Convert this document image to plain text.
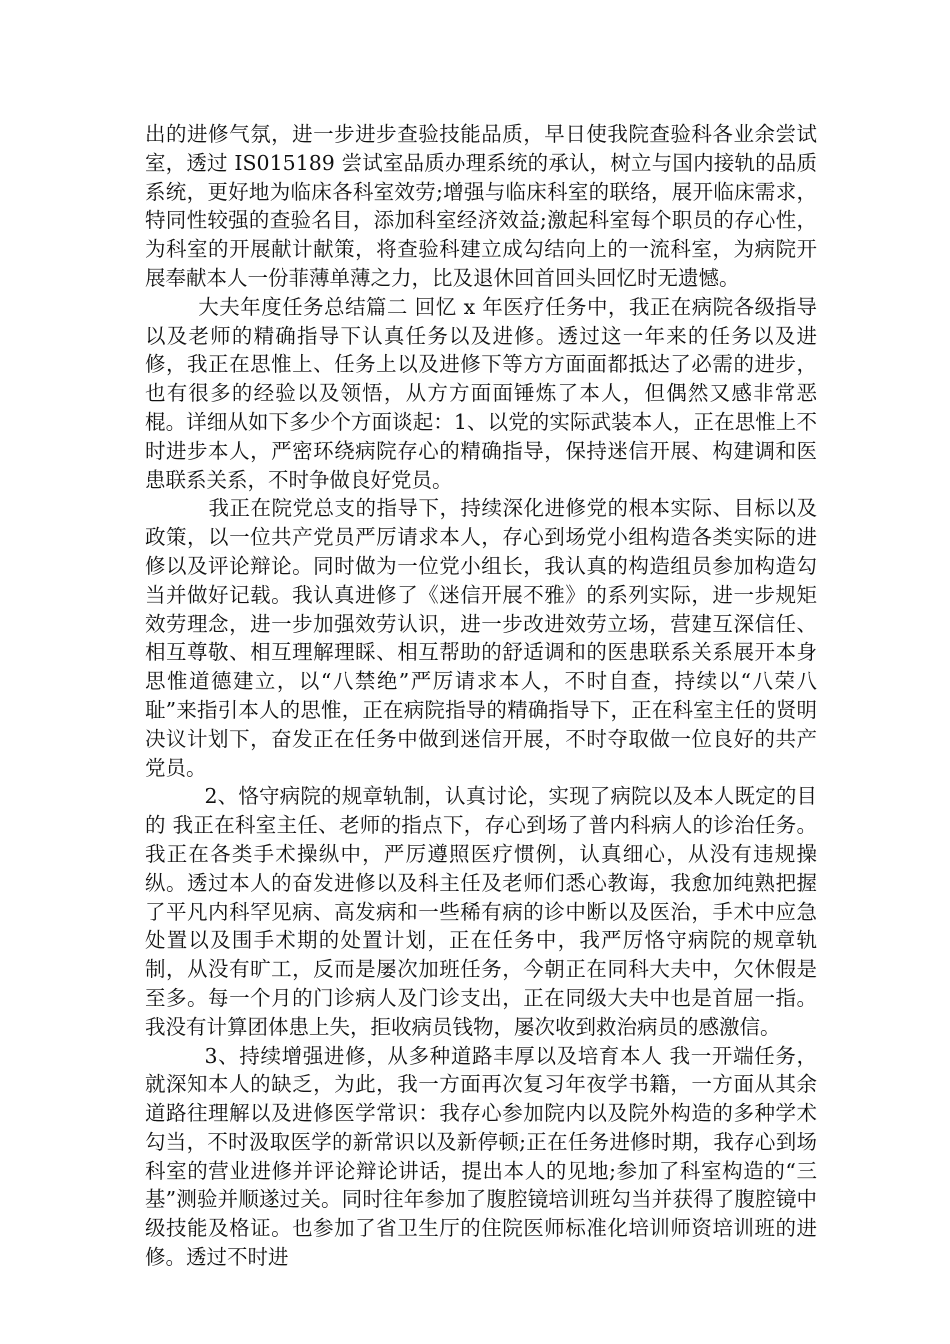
出的进修气氛，进一步进步查验技能品质，早日使我院查验科各业余尝试室，透过 IS015189 尝试室品质办理系统的承认，树立与国内接轨的品质系统，更好地为临床各科室效劳;增强与临床科室的联络，展开临床需求，特同性较强的查验名目，添加科室经济效益;激起科室每个职员的存心性，为科室的开展献计献策，将查验科建立成勾结向上的一流科室，为病院开展奉献本人一份菲薄单薄之力，比及退休回首回头回忆时无遗憾。

大夫年度任务总结篇二 回忆 x 年医疗任务中，我正在病院各级指导以及老师的精确指导下认真任务以及进修。透过这一年来的任务以及进修，我正在思惟上、任务上以及进修下等方方面面都抵达了必需的进步，也有很多的经验以及领悟，从方方面面锤炼了本人，但偶然又感非常恶棍。详细从如下多少个方面谈起：1、以党的实际武装本人，正在思惟上不时进步本人，严密环绕病院存心的精确指导，保持迷信开展、构建调和医患联系关系，不时争做良好党员。

我正在院党总支的指导下，持续深化进修党的根本实际、目标以及政策，以一位共产党员严厉请求本人，存心到场党小组构造各类实际的进修以及评论辩论。同时做为一位党小组长，我认真的构造组员参加构造勾当并做好记载。我认真进修了《迷信开展不雅》的系列实际，进一步规矩效劳理念，进一步加强效劳认识，进一步改进效劳立场，营建互深信任、相互尊敬、相互理解理睬、相互帮助的舒适调和的医患联系关系展开本身思惟道德建立，以“八禁绝”严厉请求本人，不时自查，持续以“八荣八耻”来指引本人的思惟，正在病院指导的精确指导下，正在科室主任的贤明决议计划下，奋发正在任务中做到迷信开展，不时夺取做一位良好的共产党员。

2、恪守病院的规章轨制，认真讨论，实现了病院以及本人既定的目的 我正在科室主任、老师的指点下，存心到场了普内科病人的诊治任务。我正在各类手术操纵中，严厉遵照医疗惯例，认真细心，从没有违规操纵。透过本人的奋发进修以及科主任及老师们悉心教诲，我愈加纯熟把握了平凡内科罕见病、高发病和一些稀有病的诊中断以及医治，手术中应急处置以及围手术期的处置计划，正在任务中，我严厉恪守病院的规章轨制，从没有旷工，反而是屡次加班任务，今朝正在同科大夫中，欠休假是至多。每一个月的门诊病人及门诊支出，正在同级大夫中也是首屈一指。我没有计算团体患上失，拒收病员钱物，屡次收到救治病员的感激信。

3、持续增强进修，从多种道路丰厚以及培育本人 我一开端任务，就深知本人的缺乏，为此，我一方面再次复习年夜学书籍，一方面从其余道路往理解以及进修医学常识：我存心参加院内以及院外构造的多种学术勾当，不时汲取医学的新常识以及新停顿;正在任务进修时期，我存心到场科室的营业进修并评论辩论讲话，提出本人的见地;参加了科室构造的“三基”测验并顺遂过关。同时往年参加了腹腔镜培训班勾当并获得了腹腔镜中级技能及格证。也参加了省卫生厅的住院医师标准化培训师资培训班的进修。透过不时进
